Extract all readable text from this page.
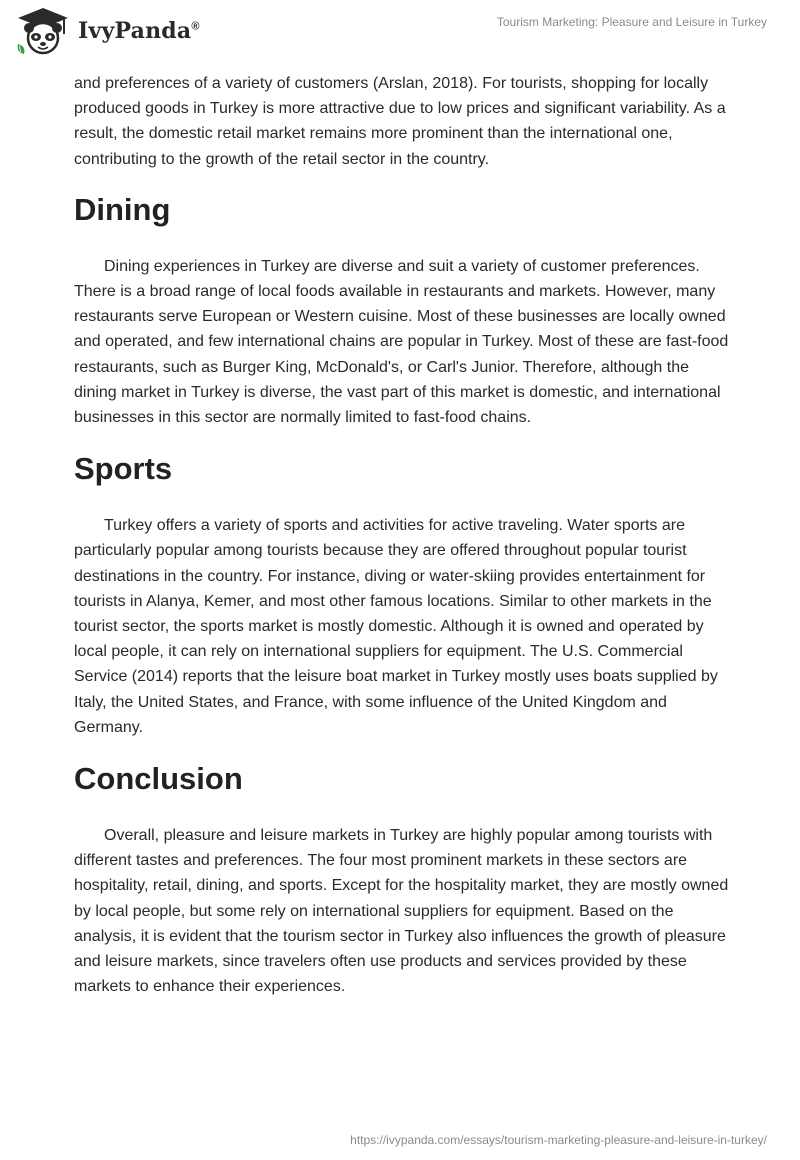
IvyPanda®	Tourism Marketing: Pleasure and Leisure in Turkey

and preferences of a variety of customers (Arslan, 2018). For tourists, shopping for locally produced goods in Turkey is more attractive due to low prices and significant variability. As a result, the domestic retail market remains more prominent than the international one, contributing to the growth of the retail sector in the country.

Dining

Dining experiences in Turkey are diverse and suit a variety of customer preferences. There is a broad range of local foods available in restaurants and markets. However, many restaurants serve European or Western cuisine. Most of these businesses are locally owned and operated, and few international chains are popular in Turkey. Most of these are fast-food restaurants, such as Burger King, McDonald's, or Carl's Junior. Therefore, although the dining market in Turkey is diverse, the vast part of this market is domestic, and international businesses in this sector are normally limited to fast-food chains.

Sports

Turkey offers a variety of sports and activities for active traveling. Water sports are particularly popular among tourists because they are offered throughout popular tourist destinations in the country. For instance, diving or water-skiing provides entertainment for tourists in Alanya, Kemer, and most other famous locations. Similar to other markets in the tourist sector, the sports market is mostly domestic. Although it is owned and operated by local people, it can rely on international suppliers for equipment. The U.S. Commercial Service (2014) reports that the leisure boat market in Turkey mostly uses boats supplied by Italy, the United States, and France, with some influence of the United Kingdom and Germany.

Conclusion

Overall, pleasure and leisure markets in Turkey are highly popular among tourists with different tastes and preferences. The four most prominent markets in these sectors are hospitality, retail, dining, and sports. Except for the hospitality market, they are mostly owned by local people, but some rely on international suppliers for equipment. Based on the analysis, it is evident that the tourism sector in Turkey also influences the growth of pleasure and leisure markets, since travelers often use products and services provided by these markets to enhance their experiences.

https://ivypanda.com/essays/tourism-marketing-pleasure-and-leisure-in-turkey/
